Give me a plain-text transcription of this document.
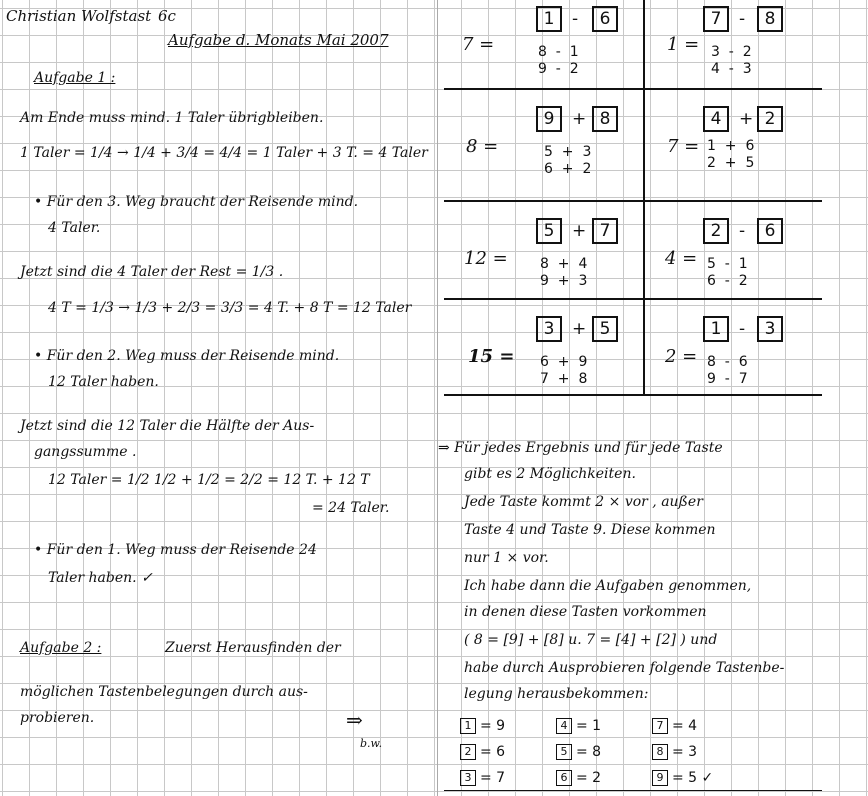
Christian Wolfstast 6c
Aufgabe d. Monats Mai 2007
Aufgabe 1 :
Am Ende muss mind. 1 Taler übrigbleiben.
1 Taler = 1/4 → 1/4 + 3/4 = 4/4 = 1 Taler + 3 T. = 4 Taler
• Für den 3. Weg braucht der Reisende mind.
4 Taler.
Jetzt sind die 4 Taler der Rest = 1/3 .
4 T = 1/3 → 1/3 + 2/3 = 3/3 = 4 T. + 8 T = 12 Taler
• Für den 2. Weg muss der Reisende mind.
12 Taler haben.
Jetzt sind die 12 Taler die Hälfte der Aus-
gangssumme .
12 Taler = 1/2 1/2 + 1/2 = 2/2 = 12 T. + 12 T
= 24 Taler.
• Für den 1. Weg muss der Reisende 24
Taler haben. ✓
Aufgabe 2 :	Zuerst Herausfinden der
möglichen Tastenbelegungen durch aus-
probieren.	⇒
b.w.
7 =
1	-	6
8  -  1
9  -  2
1 =
7	-	8
3  -  2
4  -  3
8 =
9	+ 8
5  +  3
6  +  2
7 =
4	+ 2
1  +  6
2  +  5
12 =
5	+ 7
8  +  4
9  +  3
4 =
2	-	6
5  -  1
6  -  2
15 =
3	+ 5
6  +  9
7  +  8
2 =
1	-	3
8  -  6
9  -  7
⇒ Für jedes Ergebnis und für jede Taste
gibt es 2 Möglichkeiten.
Jede Taste kommt 2 × vor , außer
Taste 4 und Taste 9. Diese kommen
nur 1 × vor.
Ich habe dann die Aufgaben genommen,
in denen diese Tasten vorkommen
( 8 = [9] + [8] u. 7 = [4] + [2] ) und
habe durch Ausprobieren folgende Tastenbe-
legung herausbekommen:
1 = 9	4 = 1	7 = 4
2 = 6	5 = 8	8 = 3
3 = 7	6 = 2	9 = 5 ✓
